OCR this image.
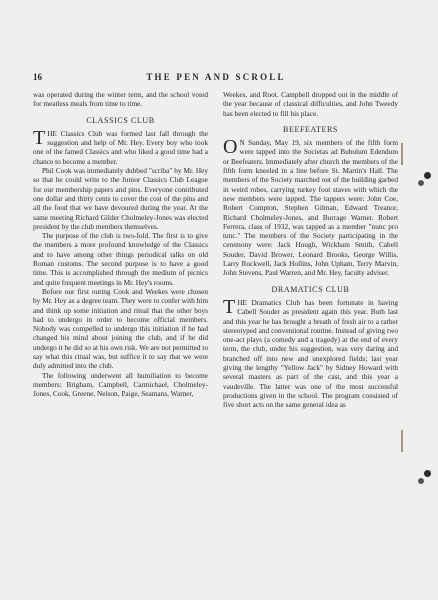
16	THE PEN AND SCROLL

was operated during the winter term, and the school voted for meatless meals from time to time.

CLASSICS CLUB

THE Classics Club was formed last fall through the suggestion and help of Mr. Hey. Every boy who took one of the famed Classics and who liked a good time had a chance to become a member.

Phil Cook was immediately dubbed "scriba" by Mr. Hey so that he could write to the Junior Classics Club League for our membership papers and pins. Everyone contributed one dollar and thirty cents to cover the cost of the pins and all the food that we have devoured during the year. At the same meeting Richard Gilder Cholmeley-Jones was elected president by the club members themselves.

The purpose of the club is two-fold. The first is to give the members a more profound knowledge of the Classics and to have among other things periodical talks on old Roman customs. The second purpose is to have a good time. This is accomplished through the medium of picnics and quite frequent meetings in Mr. Hey's rooms.

Before our first outing Cook and Weekes were chosen by Mr. Hey as a degree team. They were to confer with him and think up some initiation and ritual that the other boys had to undergo in order to become official members. Nobody was compelled to undergo this initiation if he had changed his mind about joining the club, and if he did undergo it he did so at his own risk. We are not permitted to say what this ritual was, but suffice it to say that we were duly admitted into the club.

The following underwent all humiliation to become members: Brigham, Campbell, Carmichael, Cholmeley-Jones, Cook, Greene, Nelson, Paige, Seamans, Warner,

Weekes, and Root. Campbell dropped out in the middle of the year because of classical difficulties, and John Tweedy has been elected to fill his place.

BEEFEATERS

O N Sunday, May 19, six members of the fifth form were tapped into the Societas ad Bubulum Edendum or Beefeaters. Immediately after church the members of the fifth form kneeled in a line before St. Martin's Hall. The members of the Society marched out of the building garbed in weird robes, carrying turkey foot staves with which the new members were tapped. The tappers were: John Coe, Robert Compton, Stephen Gilman, Edward Treanor, Richard Cholmeley-Jones, and Burrage Warner. Robert Ferrera, class of 1932, was tapped as a member "nunc pro tunc." The members of the Society participating in the ceremony were: Jack Hough, Wickham Smith, Cabell Souder, David Brower, Leonard Brooks, George Willis, Larry Rockwell, Jack Hollins, John Upham, Terry Marvin, John Stevens, Paul Warren, and Mr. Hey, faculty adviser.

DRAMATICS CLUB

THE Dramatics Club has been fortunate in having Cabell Souder as president again this year. Both last and this year he has brought a breath of fresh air to a rather stereotyped and conventional routine. Instead of giving two one-act plays (a comedy and a tragedy) at the end of every term, the club, under his suggestion, was very daring and branched off into new and unexplored fields; last year giving the lengthy "Yellow Jack" by Sidney Howard with several masters as part of the cast, and this year a vaudeville. The latter was one of the most successful productions given in the school. The program consisted of five short acts on the same general idea as
